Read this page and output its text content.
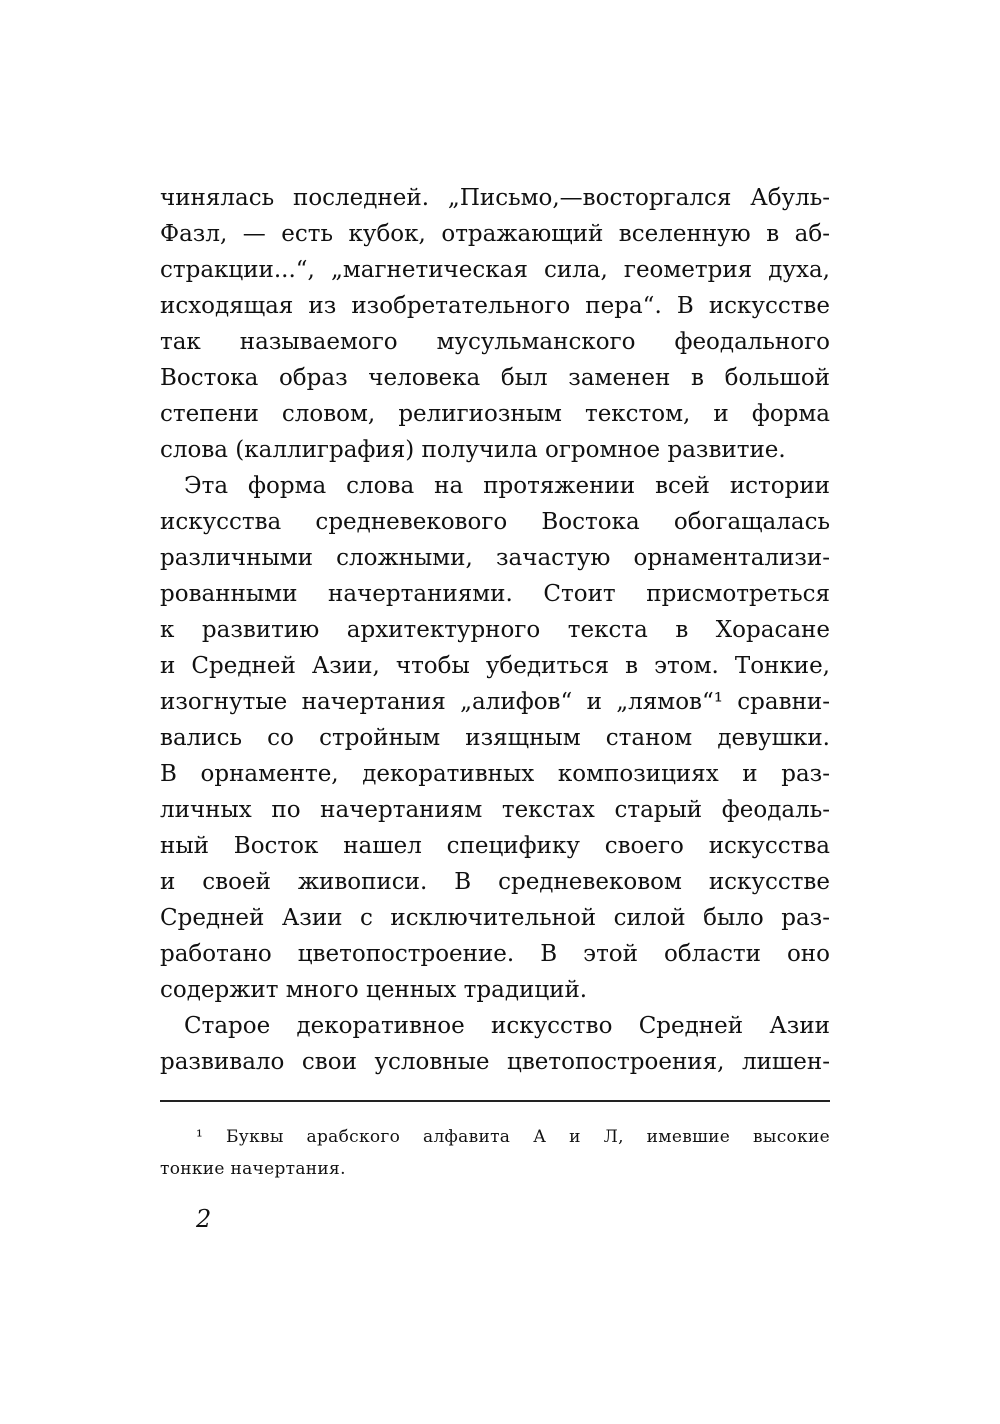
чинялась последней. „Письмо,—восторгался Абуль-
Фазл, — есть кубок, отражающий вселенную в аб-
стракции...“, „магнетическая сила, геометрия духа,
исходящая из изобретательного пера“. В искусстве
так называемого мусульманского феодального
Востока образ человека был заменен в большой
степени словом, религиозным текстом, и форма
слова (каллиграфия) получила огромное развитие.
Эта форма слова на протяжении всей истории
искусства средневекового Востока обогащалась
различными сложными, зачастую орнаментализи-
рованными начертаниями. Стоит присмотреться
к развитию архитектурного текста в Хорасане
и Средней Азии, чтобы убедиться в этом. Тонкие,
изогнутые начертания „алифов“ и „лямов“¹ сравни-
вались со стройным изящным станом девушки.
В орнаменте, декоративных композициях и раз-
личных по начертаниям текстах старый феодаль-
ный Восток нашел специфику своего искусства
и своей живописи. В средневековом искусстве
Средней Азии с исключительной силой было раз-
работано цветопостроение. В этой области оно
содержит много ценных традиций.
Старое декоративное искусство Средней Азии
развивало свои условные цветопостроения, лишен-
¹ Буквы арабского алфавита А и Л, имевшие высокие
тонкие начертания.
2
